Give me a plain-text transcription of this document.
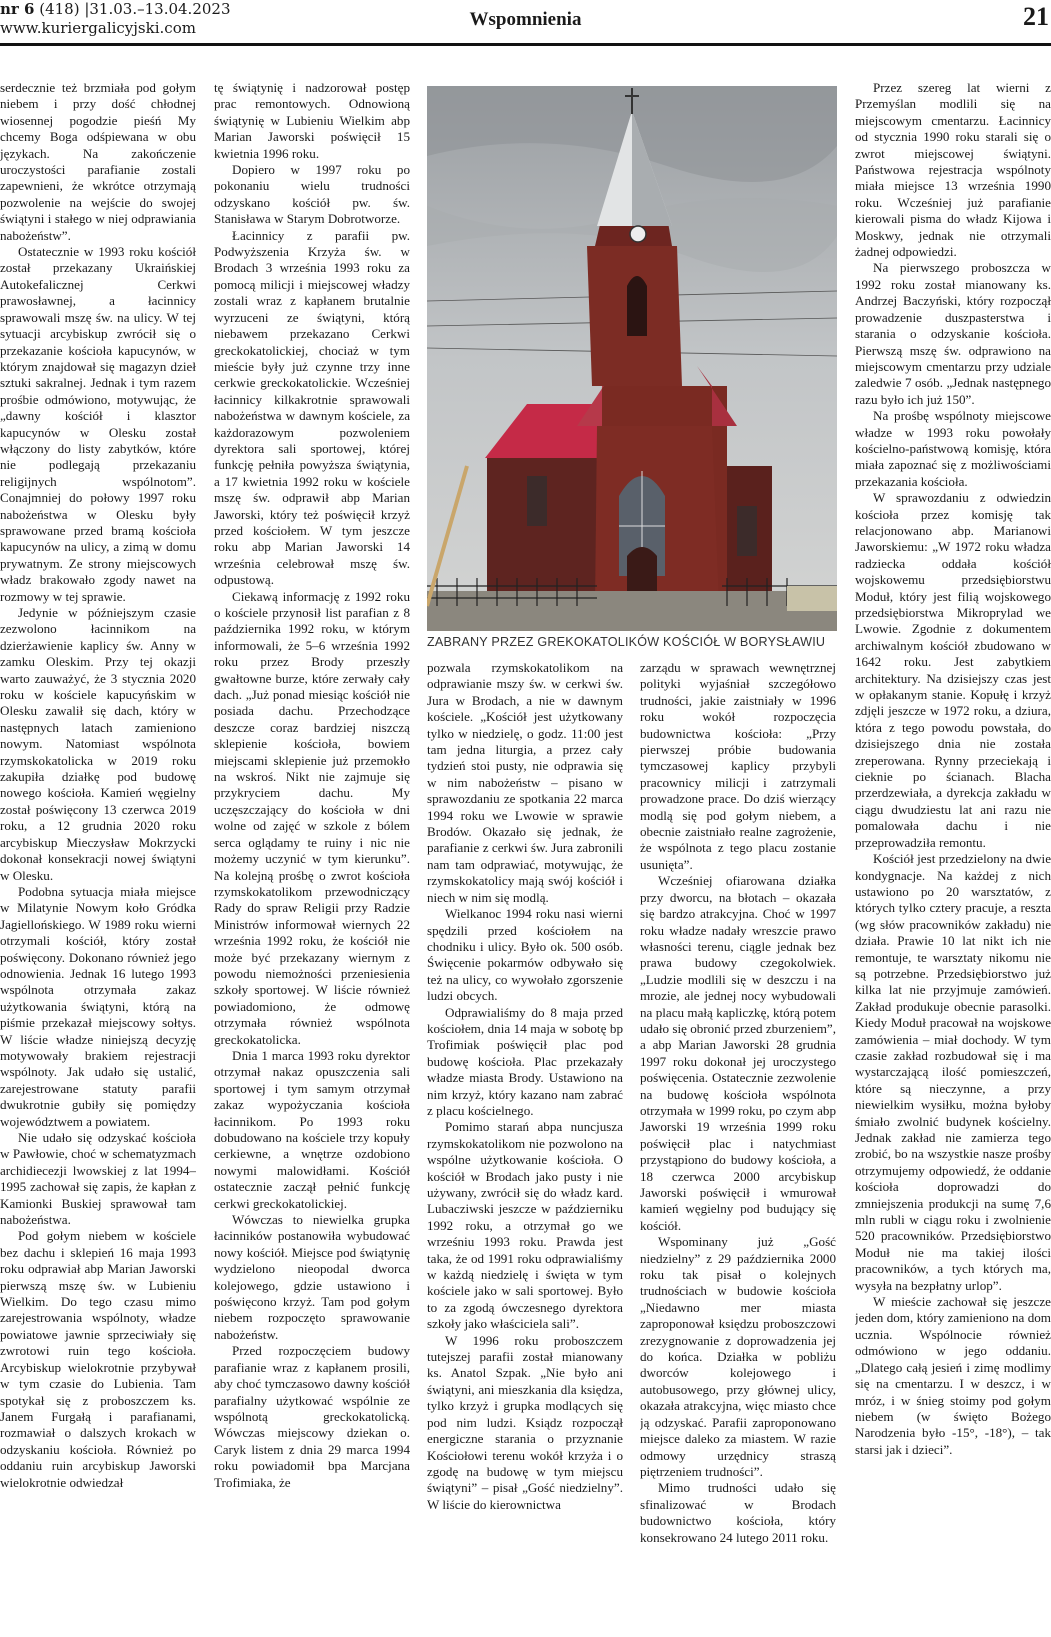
nr 6 (418) |31.03.–13.04.2023
www.kuriergalicyjski.com	Wspomnienia	21

serdecznie też brzmiała pod gołym niebem i przy dość chłodnej wiosennej pogodzie pieśń My chcemy Boga odśpiewana w obu językach. Na zakończenie uroczystości parafianie zostali zapewnieni, że wkrótce otrzymają pozwolenie na wejście do swojej świątyni i stałego w niej odprawiania nabożeństw”.

Ostatecznie w 1993 roku kościół został przekazany Ukraińskiej Autokefalicznej Cerkwi prawosławnej, a łacinnicy sprawowali mszę św. na ulicy. W tej sytuacji arcybiskup zwrócił się o przekazanie kościoła kapucynów, w którym znajdował się magazyn dzieł sztuki sakralnej. Jednak i tym razem prośbie odmówiono, motywując, że „dawny kościół i klasztor kapucynów w Olesku został włączony do listy zabytków, które nie podlegają przekazaniu religijnych wspólnotom”. Conajmniej do połowy 1997 roku nabożeństwa w Olesku były sprawowane przed bramą kościoła kapucynów na ulicy, a zimą w domu prywatnym. Ze strony miejscowych władz brakowało zgody nawet na rozmowy w tej sprawie.

Jedynie w późniejszym czasie zezwolono łacinnikom na dzierżawienie kaplicy św. Anny w zamku Oleskim. Przy tej okazji warto zauważyć, że 3 stycznia 2020 roku w kościele kapucyńskim w Olesku zawalił się dach, który w następnych latach zamieniono nowym. Natomiast wspólnota rzymskokatolicka w 2019 roku zakupiła działkę pod budowę nowego kościoła. Kamień węgielny został poświęcony 13 czerwca 2019 roku, a 12 grudnia 2020 roku arcybiskup Mieczysław Mokrzycki dokonał konsekracji nowej świątyni w Olesku.

Podobna sytuacja miała miejsce w Milatynie Nowym koło Gródka Jagiellońskiego. W 1989 roku wierni otrzymali kościół, który został poświęcony. Dokonano również jego odnowienia. Jednak 16 lutego 1993 wspólnota otrzymała zakaz użytkowania świątyni, którą na piśmie przekazał miejscowy sołtys. W liście władze niniejszą decyzję motywowały brakiem rejestracji wspólnoty. Jak udało się ustalić, zarejestrowane statuty parafii dwukrotnie gubiły się pomiędzy województwem a powiatem.

Nie udało się odzyskać kościoła w Pawłowie, choć w schematyzmach archidiecezji lwowskiej z lat 1994–1995 zachował się zapis, że kapłan z Kamionki Buskiej sprawował tam nabożeństwa.

Pod gołym niebem w kościele bez dachu i sklepień 16 maja 1993 roku odprawiał abp Marian Jaworski pierwszą mszę św. w Lubieniu Wielkim. Do tego czasu mimo zarejestrowania wspólnoty, władze powiatowe jawnie sprzeciwiały się zwrotowi ruin tego kościoła. Arcybiskup wielokrotnie przybywał w tym czasie do Lubienia. Tam spotykał się z proboszczem ks. Janem Furgałą i parafianami, rozmawiał o dalszych krokach w odzyskaniu kościoła. Również po oddaniu ruin arcybiskup Jaworski wielokrotnie odwiedzał

tę świątynię i nadzorował postęp prac remontowych. Odnowioną świątynię w Lubieniu Wielkim abp Marian Jaworski poświęcił 15 kwietnia 1996 roku.

Dopiero w 1997 roku po pokonaniu wielu trudności odzyskano kościół pw. św. Stanisława w Starym Dobrotworze.

Łacinnicy z parafii pw. Podwyższenia Krzyża św. w Brodach 3 września 1993 roku za pomocą milicji i miejscowej władzy zostali wraz z kapłanem brutalnie wyrzuceni ze świątyni, którą niebawem przekazano Cerkwi greckokatolickiej, chociaż w tym mieście były już czynne trzy inne cerkwie greckokatolickie. Wcześniej łacinnicy kilkakrotnie sprawowali nabożeństwa w dawnym kościele, za każdorazowym pozwoleniem dyrektora sali sportowej, której funkcję pełniła powyższa świątynia, a 17 kwietnia 1992 roku w kościele mszę św. odprawił abp Marian Jaworski, który też poświęcił krzyż przed kościołem. W tym jeszcze roku abp Marian Jaworski 14 września celebrował mszę św. odpustową.

Ciekawą informację z 1992 roku o kościele przynosił list parafian z 8 października 1992 roku, w którym informowali, że 5–6 września 1992 roku przez Brody przeszły gwałtowne burze, które zerwały cały dach. „Już ponad miesiąc kościół nie posiada dachu. Przechodzące deszcze coraz bardziej niszczą sklepienie kościoła, bowiem miejscami sklepienie już przemokło na wskroś. Nikt nie zajmuje się przykryciem dachu. My uczęszczający do kościoła w dni wolne od zajęć w szkole z bólem serca oglądamy te ruiny i nic nie możemy uczynić w tym kierunku”. Na kolejną prośbę o zwrot kościoła rzymskokatolikom przewodniczący Rady do spraw Religii przy Radzie Ministrów informował wiernych 22 września 1992 roku, że kościół nie może być przekazany wiernym z powodu niemożności przeniesienia szkoły sportowej. W liście również powiadomiono, że odmowę otrzymała również wspólnota greckokatolicka.

Dnia 1 marca 1993 roku dyrektor otrzymał nakaz opuszczenia sali sportowej i tym samym otrzymał zakaz wypożyczania kościoła łacinnikom. Po 1993 roku dobudowano na kościele trzy kopuły cerkiewne, a wnętrze ozdobiono nowymi malowidłami. Kościół ostatecznie zaczął pełnić funkcję cerkwi greckokatolickiej.

Wówczas to niewielka grupka łacinników postanowiła wybudować nowy kościół. Miejsce pod świątynię wydzielono nieopodal dworca kolejowego, gdzie ustawiono i poświęcono krzyż. Tam pod gołym niebem rozpoczęto sprawowanie nabożeństw.

Przed rozpoczęciem budowy parafianie wraz z kapłanem prosili, aby choć tymczasowo dawny kościół parafialny użytkować wspólnie ze wspólnotą greckokatolicką. Wówczas miejscowy dziekan o. Caryk listem z dnia 29 marca 1994 roku powiadomił bpa Marcjana Trofimiaka, że

ZABRANY PRZEZ GREKOKATOLIKÓW KOŚCIÓŁ W BORYSŁAWIU

pozwala rzymskokatolikom na odprawianie mszy św. w cerkwi św. Jura w Brodach, a nie w dawnym kościele. „Kościół jest użytkowany tylko w niedzielę, o godz. 11:00 jest tam jedna liturgia, a przez cały tydzień stoi pusty, nie odprawia się w nim nabożeństw – pisano w sprawozdaniu ze spotkania 22 marca 1994 roku we Lwowie w sprawie Brodów. Okazało się jednak, że parafianie z cerkwi św. Jura zabronili nam tam odprawiać, motywując, że rzymskokatolicy mają swój kościół i niech w nim się modlą.

Wielkanoc 1994 roku nasi wierni spędzili przed kościołem na chodniku i ulicy. Było ok. 500 osób. Święcenie pokarmów odbywało się też na ulicy, co wywołało zgorszenie ludzi obcych.

Odprawialiśmy do 8 maja przed kościołem, dnia 14 maja w sobotę bp Trofimiak poświęcił plac pod budowę kościoła. Plac przekazały władze miasta Brody. Ustawiono na nim krzyż, który kazano nam zabrać z placu kościelnego.

Pomimo starań abpa nuncjusza rzymskokatolikom nie pozwolono na wspólne użytkowanie kościoła. O kościół w Brodach jako pusty i nie używany, zwrócił się do władz kard. Lubacziwski jeszcze w październiku 1992 roku, a otrzymał go we wrześniu 1993 roku. Prawda jest taka, że od 1991 roku odprawialiśmy w każdą niedzielę i święta w tym kościele jako w sali sportowej. Było to za zgodą ówczesnego dyrektora szkoły jako właściciela sali”.

W 1996 roku proboszczem tutejszej parafii został mianowany ks. Anatol Szpak. „Nie było ani świątyni, ani mieszkania dla księdza, tylko krzyż i grupka modlących się pod nim ludzi. Ksiądz rozpoczął energiczne starania o przyznanie Kościołowi terenu wokół krzyża i o zgodę na budowę w tym miejscu świątyni” – pisał „Gość niedzielny”. W liście do kierownictwa

zarządu w sprawach wewnętrznej polityki wyjaśniał szczegółowo trudności, jakie zaistniały w 1996 roku wokół rozpoczęcia budownictwa kościoła: „Przy pierwszej próbie budowania tymczasowej kaplicy przybyli pracownicy milicji i zatrzymali prowadzone prace. Do dziś wierzący modlą się pod gołym niebem, a obecnie zaistniało realne zagrożenie, że wspólnota z tego placu zostanie usunięta”.

Wcześniej ofiarowana działka przy dworcu, na błotach – okazała się bardzo atrakcyjna. Choć w 1997 roku władze nadały wreszcie prawo własności terenu, ciągle jednak bez prawa budowy czegokolwiek. „Ludzie modlili się w deszczu i na mrozie, ale jednej nocy wybudowali na placu małą kapliczkę, którą potem udało się obronić przed zburzeniem”, a abp Marian Jaworski 28 grudnia 1997 roku dokonał jej uroczystego poświęcenia. Ostatecznie zezwolenie na budowę kościoła wspólnota otrzymała w 1999 roku, po czym abp Jaworski 19 września 1999 roku poświęcił plac i natychmiast przystąpiono do budowy kościoła, a 18 czerwca 2000 arcybiskup Jaworski poświęcił i wmurował kamień węgielny pod budujący się kościół.

Wspominany już „Gość niedzielny” z 29 października 2000 roku tak pisał o kolejnych trudnościach w budowie kościoła „Niedawno mer miasta zaproponował księdzu proboszczowi zrezygnowanie z doprowadzenia jej do końca. Działka w pobliżu dworców kolejowego i autobusowego, przy głównej ulicy, okazała atrakcyjna, więc miasto chce ją odzyskać. Parafii zaproponowano miejsce daleko za miastem. W razie odmowy urzędnicy straszą piętrzeniem trudności”.

Mimo trudności udało się sfinalizować w Brodach budownictwo kościoła, który konsekrowano 24 lutego 2011 roku.

Przez szereg lat wierni z Przemyślan modlili się na miejscowym cmentarzu. Łacinnicy od stycznia 1990 roku starali się o zwrot miejscowej świątyni. Państwowa rejestracja wspólnoty miała miejsce 13 września 1990 roku. Wcześniej już parafianie kierowali pisma do władz Kijowa i Moskwy, jednak nie otrzymali żadnej odpowiedzi.

Na pierwszego proboszcza w 1992 roku został mianowany ks. Andrzej Baczyński, który rozpoczął prowadzenie duszpasterstwa i starania o odzyskanie kościoła. Pierwszą mszę św. odprawiono na miejscowym cmentarzu przy udziale zaledwie 7 osób. „Jednak następnego razu było ich już 150”.

Na prośbę wspólnoty miejscowe władze w 1993 roku powołały kościelno-państwową komisję, która miała zapoznać się z możliwościami przekazania kościoła.

W sprawozdaniu z odwiedzin kościoła przez komisję tak relacjonowano abp. Marianowi Jaworskiemu: „W 1972 roku władza radziecka oddała kościół wojskowemu przedsiębiorstwu Moduł, który jest filią wojskowego przedsiębiorstwa Mikroprylad we Lwowie. Zgodnie z dokumentem archiwalnym kościół zbudowano w 1642 roku. Jest zabytkiem architektury. Na dzisiejszy czas jest w opłakanym stanie. Kopułę i krzyż zdjęli jeszcze w 1972 roku, a dziura, która z tego powodu powstała, do dzisiejszego dnia nie została zreperowana. Rynny przeciekają i cieknie po ścianach. Blacha przerdzewiała, a dyrekcja zakładu w ciągu dwudziestu lat ani razu nie pomalowała dachu i nie przeprowadziła remontu.

Kościół jest przedzielony na dwie kondygnacje. Na każdej z nich ustawiono po 20 warsztatów, z których tylko cztery pracuje, a reszta (wg słów pracowników zakładu) nie działa. Prawie 10 lat nikt ich nie remontuje, te warsztaty nikomu nie są potrzebne. Przedsiębiorstwo już kilka lat nie przyjmuje zamówień. Zakład produkuje obecnie parasolki. Kiedy Moduł pracował na wojskowe zamówienia – miał dochody. W tym czasie zakład rozbudował się i ma wystarczającą ilość pomieszczeń, które są nieczynne, a przy niewielkim wysiłku, można byłoby śmiało zwolnić budynek kościelny. Jednak zakład nie zamierza tego zrobić, bo na wszystkie nasze prośby otrzymujemy odpowiedź, że oddanie kościoła doprowadzi do zmniejszenia produkcji na sumę 7,6 mln rubli w ciągu roku i zwolnienie 520 pracowników. Przedsiębiorstwo Moduł nie ma takiej ilości pracowników, a tych których ma, wysyła na bezpłatny urlop”.

W mieście zachował się jeszcze jeden dom, który zamieniono na dom ucznia. Wspólnocie również odmówiono w jego oddaniu. „Dlatego całą jesień i zimę modlimy się na cmentarzu. I w deszcz, i w mróz, i w śnieg stoimy pod gołym niebem (w święto Bożego Narodzenia było -15°, -18°), – tak starsi jak i dzieci”.
